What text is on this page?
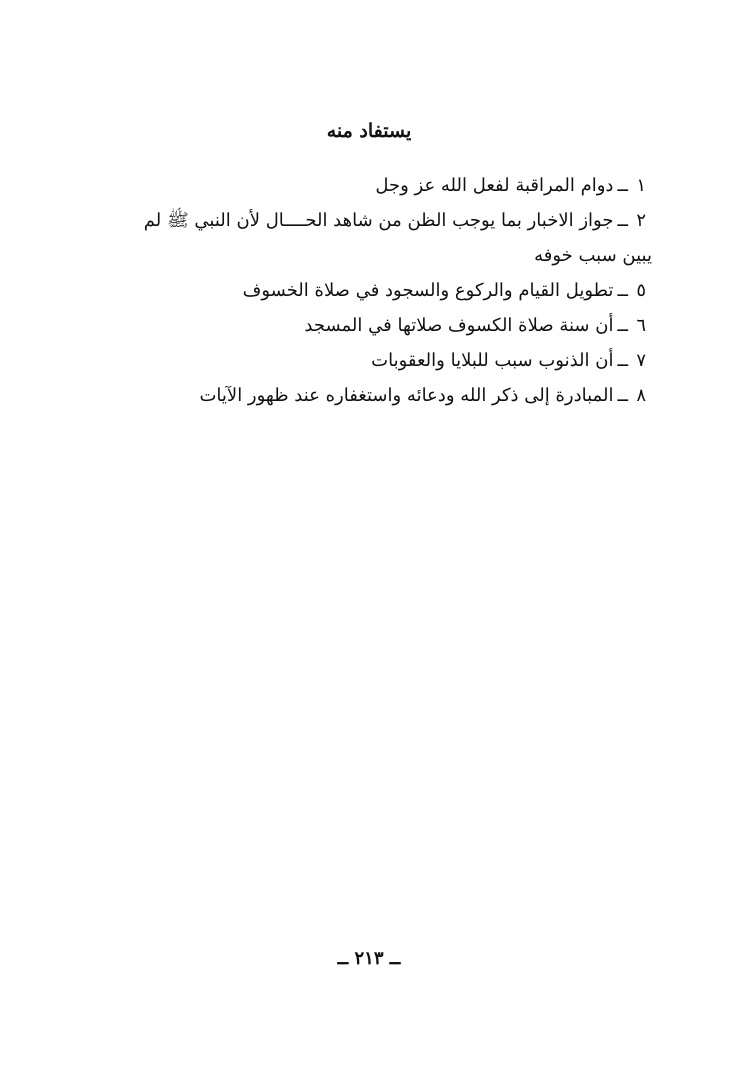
يستفاد منه
١ــدوام المراقبة لفعل الله عز وجل
٢ــجواز الاخبار بما يوجب الظن من شاهد الحــــال لأن النبي ﷺ لم
يبين سبب خوفه
٥ــتطويل القيام والركوع والسجود في صلاة الخسوف
٦ــأن سنة صلاة الكسوف صلاتها في المسجد
٧ــأن الذنوب سبب للبلايا والعقوبات
٨ــالمبادرة إلى ذكر الله ودعائه واستغفاره عند ظهور الآيات
ــ ٢١٣ ــ
